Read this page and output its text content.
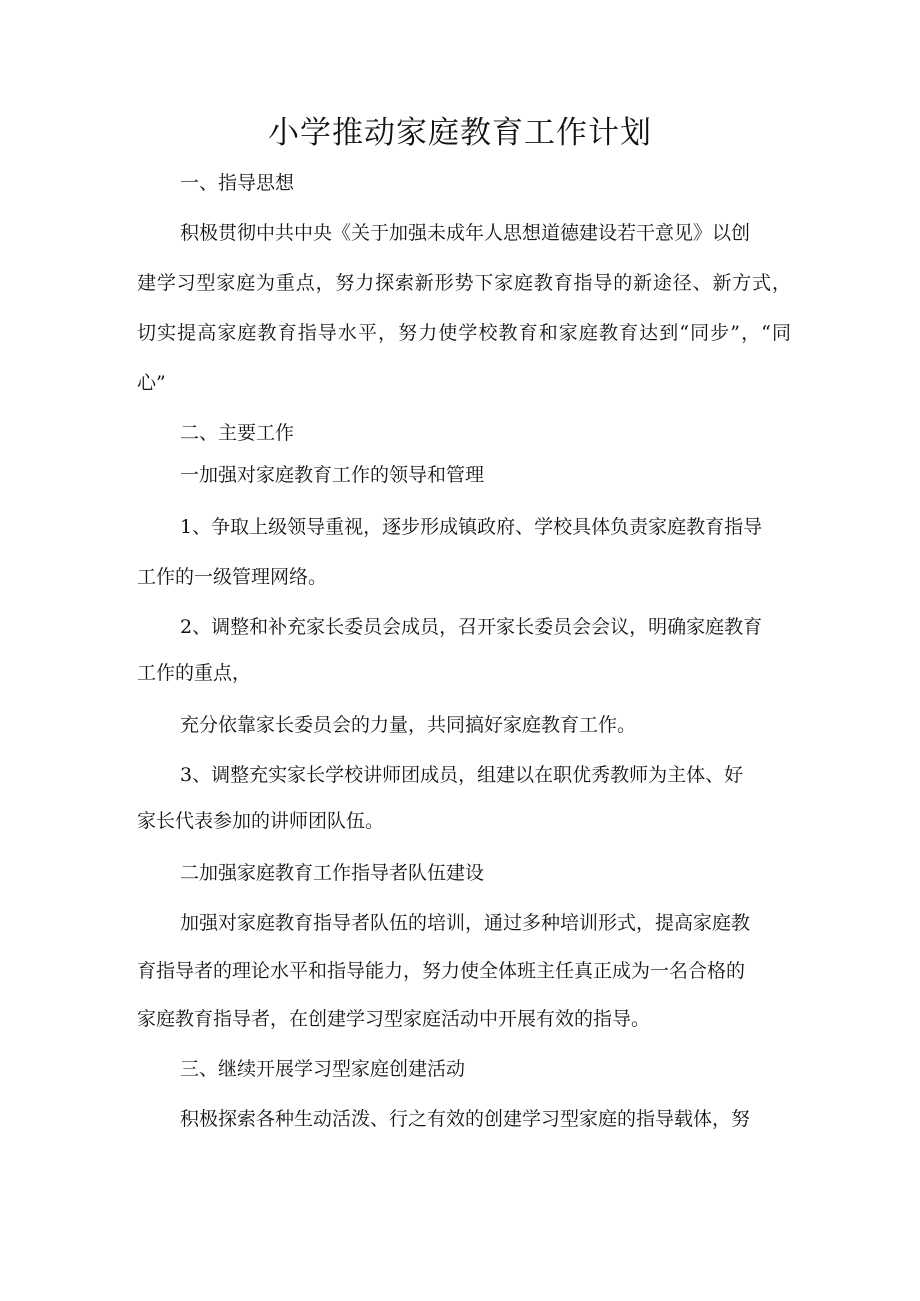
小学推动家庭教育工作计划

一、指导思想

积极贯彻中共中央《关于加强未成年人思想道德建设若干意见》以创

建学习型家庭为重点，努力探索新形势下家庭教育指导的新途径、新方式，

切实提高家庭教育指导水平，努力使学校教育和家庭教育达到“同步”，“同

心”

二、主要工作

一加强对家庭教育工作的领导和管理

1、争取上级领导重视，逐步形成镇政府、学校具体负责家庭教育指导

工作的一级管理网络。

2、调整和补充家长委员会成员，召开家长委员会会议，明确家庭教育

工作的重点，

充分依靠家长委员会的力量，共同搞好家庭教育工作。

3、调整充实家长学校讲师团成员，组建以在职优秀教师为主体、好

家长代表参加的讲师团队伍。

二加强家庭教育工作指导者队伍建设

加强对家庭教育指导者队伍的培训，通过多种培训形式，提高家庭教

育指导者的理论水平和指导能力，努力使全体班主任真正成为一名合格的

家庭教育指导者，在创建学习型家庭活动中开展有效的指导。

三、继续开展学习型家庭创建活动

积极探索各种生动活泼、行之有效的创建学习型家庭的指导载体，努
